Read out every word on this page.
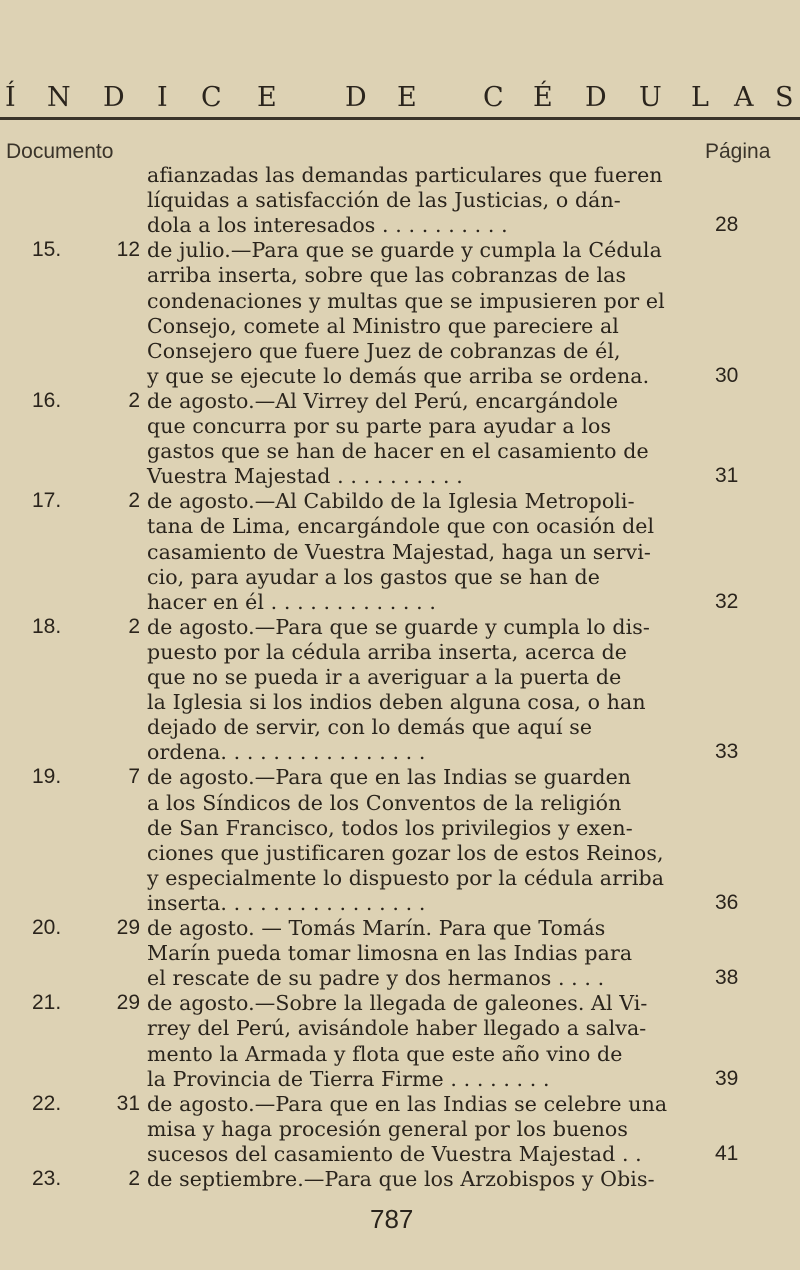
Í N D I C E	D E C É D U L A S
Documento	Página
afianzadas las demandas particulares que fueren
líquidas a satisfacción de las Justicias, o dán-
dola a los interesados . . . . . . . . . .
de julio.—Para que se guarde y cumpla la Cédula
arriba inserta, sobre que las cobranzas de las
condenaciones y multas que se impusieren por el
Consejo, comete al Ministro que pareciere al
Consejero que fuere Juez de cobranzas de él,
y que se ejecute lo demás que arriba se ordena.
de agosto.—Al Virrey del Perú, encargándole
que concurra por su parte para ayudar a los
gastos que se han de hacer en el casamiento de
Vuestra Majestad . . . . . . . . . .
de agosto.—Al Cabildo de la Iglesia Metropoli-
tana de Lima, encargándole que con ocasión del
casamiento de Vuestra Majestad, haga un servi-
cio, para ayudar a los gastos que se han de
hacer en él . . . . . . . . . . . . .
de agosto.—Para que se guarde y cumpla lo dis-
puesto por la cédula arriba inserta, acerca de
que no se pueda ir a averiguar a la puerta de
la Iglesia si los indios deben alguna cosa, o han
dejado de servir, con lo demás que aquí se
ordena. . . . . . . . . . . . . . . .
de agosto.—Para que en las Indias se guarden
a los Síndicos de los Conventos de la religión
de San Francisco, todos los privilegios y exen-
ciones que justificaren gozar los de estos Reinos,
y especialmente lo dispuesto por la cédula arriba
inserta. . . . . . . . . . . . . . . .
de agosto. — Tomás Marín. Para que Tomás
Marín pueda tomar limosna en las Indias para
el rescate de su padre y dos hermanos . . . .
de agosto.—Sobre la llegada de galeones. Al Vi-
rrey del Perú, avisándole haber llegado a salva-
mento la Armada y flota que este año vino de
la Provincia de Tierra Firme . . . . . . . .
de agosto.—Para que en las Indias se celebre una
misa y haga procesión general por los buenos
sucesos del casamiento de Vuestra Majestad . .
de septiembre.—Para que los Arzobispos y Obis-
15.
16.
17.
18.
19.
20.
21.
22.
23.
12
2
2
2
7
29
29
31
2
28
30
31
32
33
36
38
39
41
787
